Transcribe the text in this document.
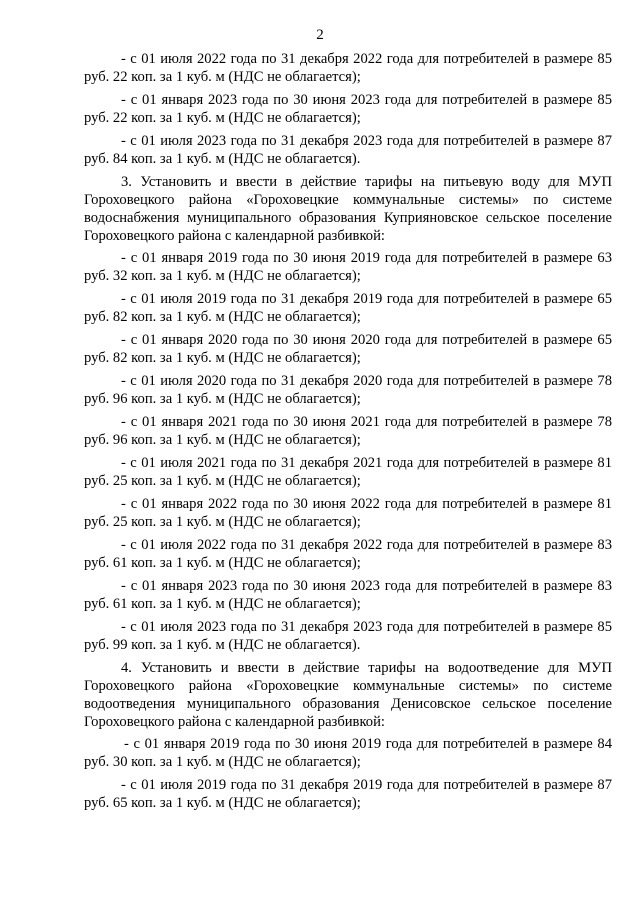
2

- с 01 июля 2022 года по 31 декабря 2022 года для потребителей в размере 85 руб. 22 коп. за 1 куб. м (НДС не облагается);

- с 01 января 2023 года по 30 июня 2023 года для потребителей в размере 85 руб. 22 коп. за 1 куб. м (НДС не облагается);

- с 01 июля 2023 года по 31 декабря 2023 года для потребителей в размере 87 руб. 84 коп. за 1 куб. м (НДС не облагается).

3. Установить и ввести в действие тарифы на питьевую воду для МУП Гороховецкого района «Гороховецкие коммунальные системы» по системе водоснабжения муниципального образования Куприяновское сельское поселение Гороховецкого района с календарной разбивкой:

- с 01 января 2019 года по 30 июня 2019 года для потребителей в размере 63 руб. 32 коп. за 1 куб. м (НДС не облагается);

- с 01 июля 2019 года по 31 декабря 2019 года для потребителей в размере 65 руб. 82 коп. за 1 куб. м (НДС не облагается);

- с 01 января 2020 года по 30 июня 2020 года для потребителей в размере 65 руб. 82 коп. за 1 куб. м (НДС не облагается);

- с 01 июля 2020 года по 31 декабря 2020 года для потребителей в размере 78 руб. 96 коп. за 1 куб. м (НДС не облагается);

- с 01 января 2021 года по 30 июня 2021 года для потребителей в размере 78 руб. 96 коп. за 1 куб. м (НДС не облагается);

- с 01 июля 2021 года по 31 декабря 2021 года для потребителей в размере 81 руб. 25 коп. за 1 куб. м (НДС не облагается);

- с 01 января 2022 года по 30 июня 2022 года для потребителей в размере 81 руб. 25 коп. за 1 куб. м (НДС не облагается);

- с 01 июля 2022 года по 31 декабря 2022 года для потребителей в размере 83 руб. 61 коп. за 1 куб. м (НДС не облагается);

- с 01 января 2023 года по 30 июня 2023 года для потребителей в размере 83 руб. 61 коп. за 1 куб. м (НДС не облагается);

- с 01 июля 2023 года по 31 декабря 2023 года для потребителей в размере 85 руб. 99 коп. за 1 куб. м (НДС не облагается).

4. Установить и ввести в действие тарифы на водоотведение для МУП Гороховецкого района «Гороховецкие коммунальные системы» по системе водоотведения муниципального образования Денисовское сельское поселение Гороховецкого района с календарной разбивкой:

- с 01 января 2019 года по 30 июня 2019 года для потребителей в размере 84 руб. 30 коп. за 1 куб. м (НДС не облагается);

- с 01 июля 2019 года по 31 декабря 2019 года для потребителей в размере 87 руб. 65 коп. за 1 куб. м (НДС не облагается);
